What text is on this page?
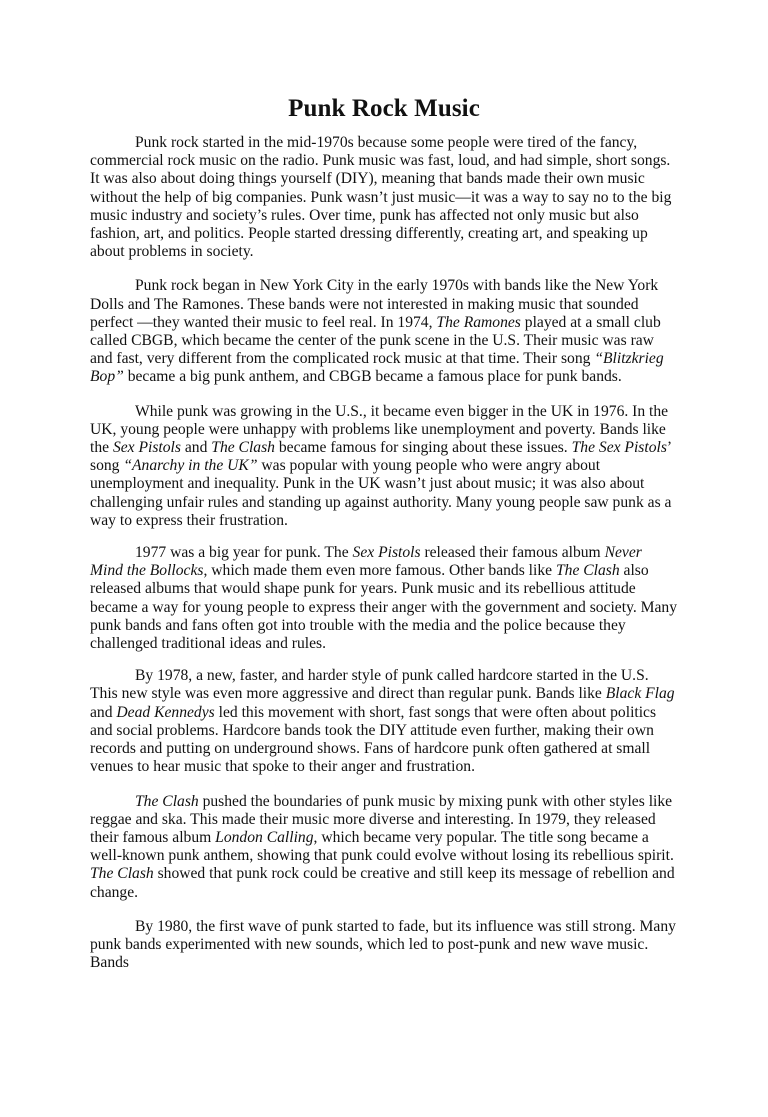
Punk Rock Music

Punk rock started in the mid-1970s because some people were tired of the fancy, commercial rock music on the radio. Punk music was fast, loud, and had simple, short songs. It was also about doing things yourself (DIY), meaning that bands made their own music without the help of big companies. Punk wasn’t just music—it was a way to say no to the big music industry and society’s rules. Over time, punk has affected not only music but also fashion, art, and politics. People started dressing differently, creating art, and speaking up about problems in society.

Punk rock began in New York City in the early 1970s with bands like the New York Dolls and The Ramones. These bands were not interested in making music that sounded perfect —they wanted their music to feel real. In 1974, The Ramones played at a small club called CBGB, which became the center of the punk scene in the U.S. Their music was raw and fast, very different from the complicated rock music at that time. Their song “Blitzkrieg Bop” became a big punk anthem, and CBGB became a famous place for punk bands.

While punk was growing in the U.S., it became even bigger in the UK in 1976. In the UK, young people were unhappy with problems like unemployment and poverty. Bands like the Sex Pistols and The Clash became famous for singing about these issues. The Sex Pistols’ song “Anarchy in the UK” was popular with young people who were angry about unemployment and inequality. Punk in the UK wasn’t just about music; it was also about challenging unfair rules and standing up against authority. Many young people saw punk as a way to express their frustration.

1977 was a big year for punk. The Sex Pistols released their famous album Never Mind the Bollocks, which made them even more famous. Other bands like The Clash also released albums that would shape punk for years. Punk music and its rebellious attitude became a way for young people to express their anger with the government and society. Many punk bands and fans often got into trouble with the media and the police because they challenged traditional ideas and rules.

By 1978, a new, faster, and harder style of punk called hardcore started in the U.S. This new style was even more aggressive and direct than regular punk. Bands like Black Flag and Dead Kennedys led this movement with short, fast songs that were often about politics and social problems. Hardcore bands took the DIY attitude even further, making their own records and putting on underground shows. Fans of hardcore punk often gathered at small venues to hear music that spoke to their anger and frustration.

The Clash pushed the boundaries of punk music by mixing punk with other styles like reggae and ska. This made their music more diverse and interesting. In 1979, they released their famous album London Calling, which became very popular. The title song became a well-known punk anthem, showing that punk could evolve without losing its rebellious spirit. The Clash showed that punk rock could be creative and still keep its message of rebellion and change.

By 1980, the first wave of punk started to fade, but its influence was still strong. Many punk bands experimented with new sounds, which led to post-punk and new wave music. Bands
